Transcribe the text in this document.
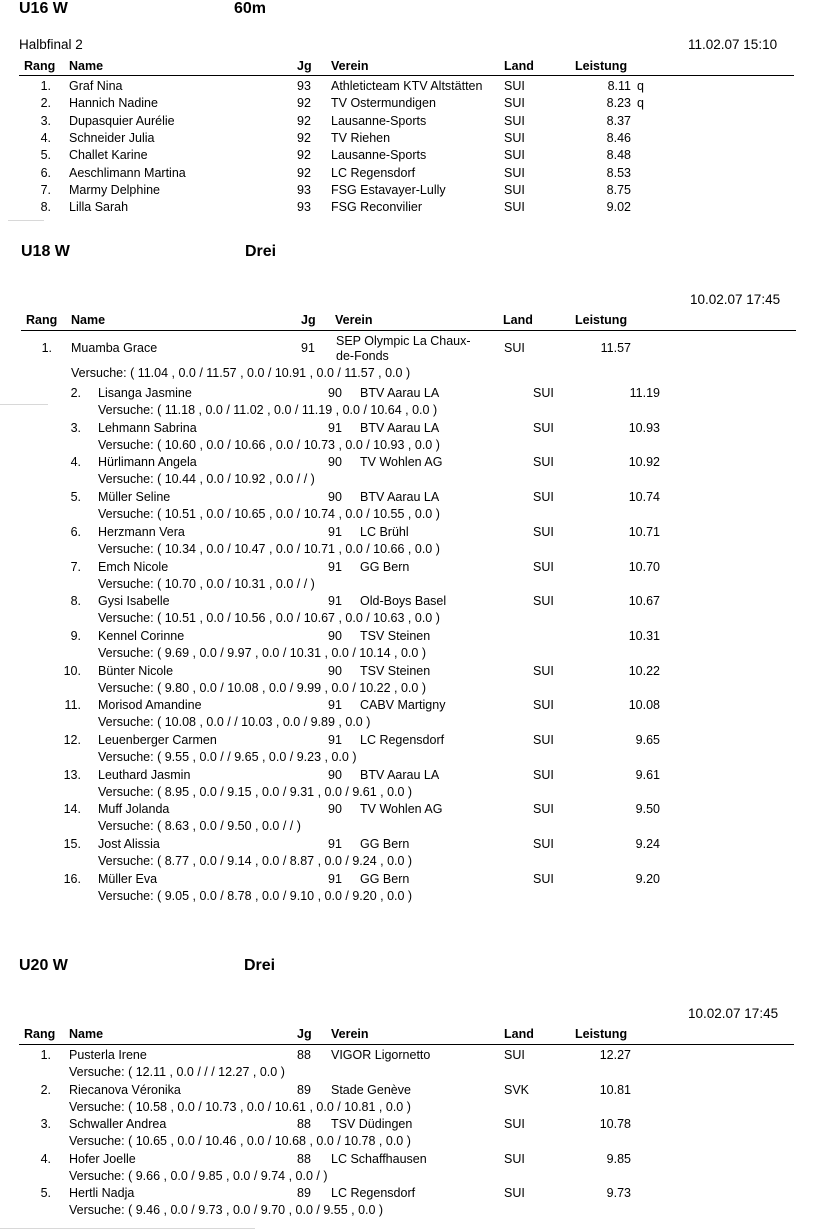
U16 W	60m
Halbfinal 2	11.02.07 15:10
Rang Name	Jg Verein	Land	Leistung
1. Graf Nina	93 Athleticteam KTV Altstätten SUI	8.11 q
2. Hannich Nadine	92 TV Ostermundigen	SUI	8.23 q
3. Dupasquier Aurélie	92 Lausanne-Sports	SUI	8.37
4. Schneider Julia	92 TV Riehen	SUI	8.46
5. Challet Karine	92 Lausanne-Sports	SUI	8.48
6. Aeschlimann Martina	92 LC Regensdorf	SUI	8.53
7. Marmy Delphine	93 FSG Estavayer-Lully	SUI	8.75
8. Lilla Sarah	93 FSG Reconvilier	SUI	9.02
U18 W	Drei
10.02.07 17:45
Rang Name	Jg Verein	Land	Leistung
1. Muamba Grace	91 SEP Olympic La Chaux-
de-Fonds
SUI	11.57
Versuche: ( 11.04 , 0.0 / 11.57 , 0.0 / 10.91 , 0.0 / 11.57 , 0.0 )
2. Lisanga Jasmine	90 BTV Aarau LA	SUI	11.19
Versuche: ( 11.18 , 0.0 / 11.02 , 0.0 / 11.19 , 0.0 / 10.64 , 0.0 )
3. Lehmann Sabrina	91 BTV Aarau LA	SUI	10.93
Versuche: ( 10.60 , 0.0 / 10.66 , 0.0 / 10.73 , 0.0 / 10.93 , 0.0 )
4. Hürlimann Angela	90 TV Wohlen AG	SUI	10.92
Versuche: ( 10.44 , 0.0 / 10.92 , 0.0 / / )
5. Müller Seline	90 BTV Aarau LA	SUI	10.74
Versuche: ( 10.51 , 0.0 / 10.65 , 0.0 / 10.74 , 0.0 / 10.55 , 0.0 )
6. Herzmann Vera	91 LC Brühl	SUI	10.71
Versuche: ( 10.34 , 0.0 / 10.47 , 0.0 / 10.71 , 0.0 / 10.66 , 0.0 )
7. Emch Nicole	91 GG Bern	SUI	10.70
Versuche: ( 10.70 , 0.0 / 10.31 , 0.0 / / )
8. Gysi Isabelle	91 Old-Boys Basel	SUI	10.67
Versuche: ( 10.51 , 0.0 / 10.56 , 0.0 / 10.67 , 0.0 / 10.63 , 0.0 )
9. Kennel Corinne	90 TSV Steinen	10.31
Versuche: ( 9.69 , 0.0 / 9.97 , 0.0 / 10.31 , 0.0 / 10.14 , 0.0 )
10. Bünter Nicole	90 TSV Steinen	SUI	10.22
Versuche: ( 9.80 , 0.0 / 10.08 , 0.0 / 9.99 , 0.0 / 10.22 , 0.0 )
11. Morisod Amandine	91 CABV Martigny	SUI	10.08
Versuche: ( 10.08 , 0.0 / / 10.03 , 0.0 / 9.89 , 0.0 )
12. Leuenberger Carmen	91 LC Regensdorf	SUI	9.65
Versuche: ( 9.55 , 0.0 / / 9.65 , 0.0 / 9.23 , 0.0 )
13. Leuthard Jasmin	90 BTV Aarau LA	SUI	9.61
Versuche: ( 8.95 , 0.0 / 9.15 , 0.0 / 9.31 , 0.0 / 9.61 , 0.0 )
14. Muff Jolanda	90 TV Wohlen AG	SUI	9.50
Versuche: ( 8.63 , 0.0 / 9.50 , 0.0 / / )
15. Jost Alissia	91 GG Bern	SUI	9.24
Versuche: ( 8.77 , 0.0 / 9.14 , 0.0 / 8.87 , 0.0 / 9.24 , 0.0 )
16. Müller Eva	91 GG Bern	SUI	9.20
Versuche: ( 9.05 , 0.0 / 8.78 , 0.0 / 9.10 , 0.0 / 9.20 , 0.0 )
U20 W	Drei
10.02.07 17:45
Rang Name	Jg Verein	Land	Leistung
1. Pusterla Irene	88 VIGOR Ligornetto	SUI	12.27
Versuche: ( 12.11 , 0.0 / / / 12.27 , 0.0 )
2. Riecanova Véronika	89 Stade Genève	SVK	10.81
Versuche: ( 10.58 , 0.0 / 10.73 , 0.0 / 10.61 , 0.0 / 10.81 , 0.0 )
3. Schwaller Andrea	88 TSV Düdingen	SUI	10.78
Versuche: ( 10.65 , 0.0 / 10.46 , 0.0 / 10.68 , 0.0 / 10.78 , 0.0 )
4. Hofer Joelle	88 LC Schaffhausen	SUI	9.85
Versuche: ( 9.66 , 0.0 / 9.85 , 0.0 / 9.74 , 0.0 / )
5. Hertli Nadja	89 LC Regensdorf	SUI	9.73
Versuche: ( 9.46 , 0.0 / 9.73 , 0.0 / 9.70 , 0.0 / 9.55 , 0.0 )
